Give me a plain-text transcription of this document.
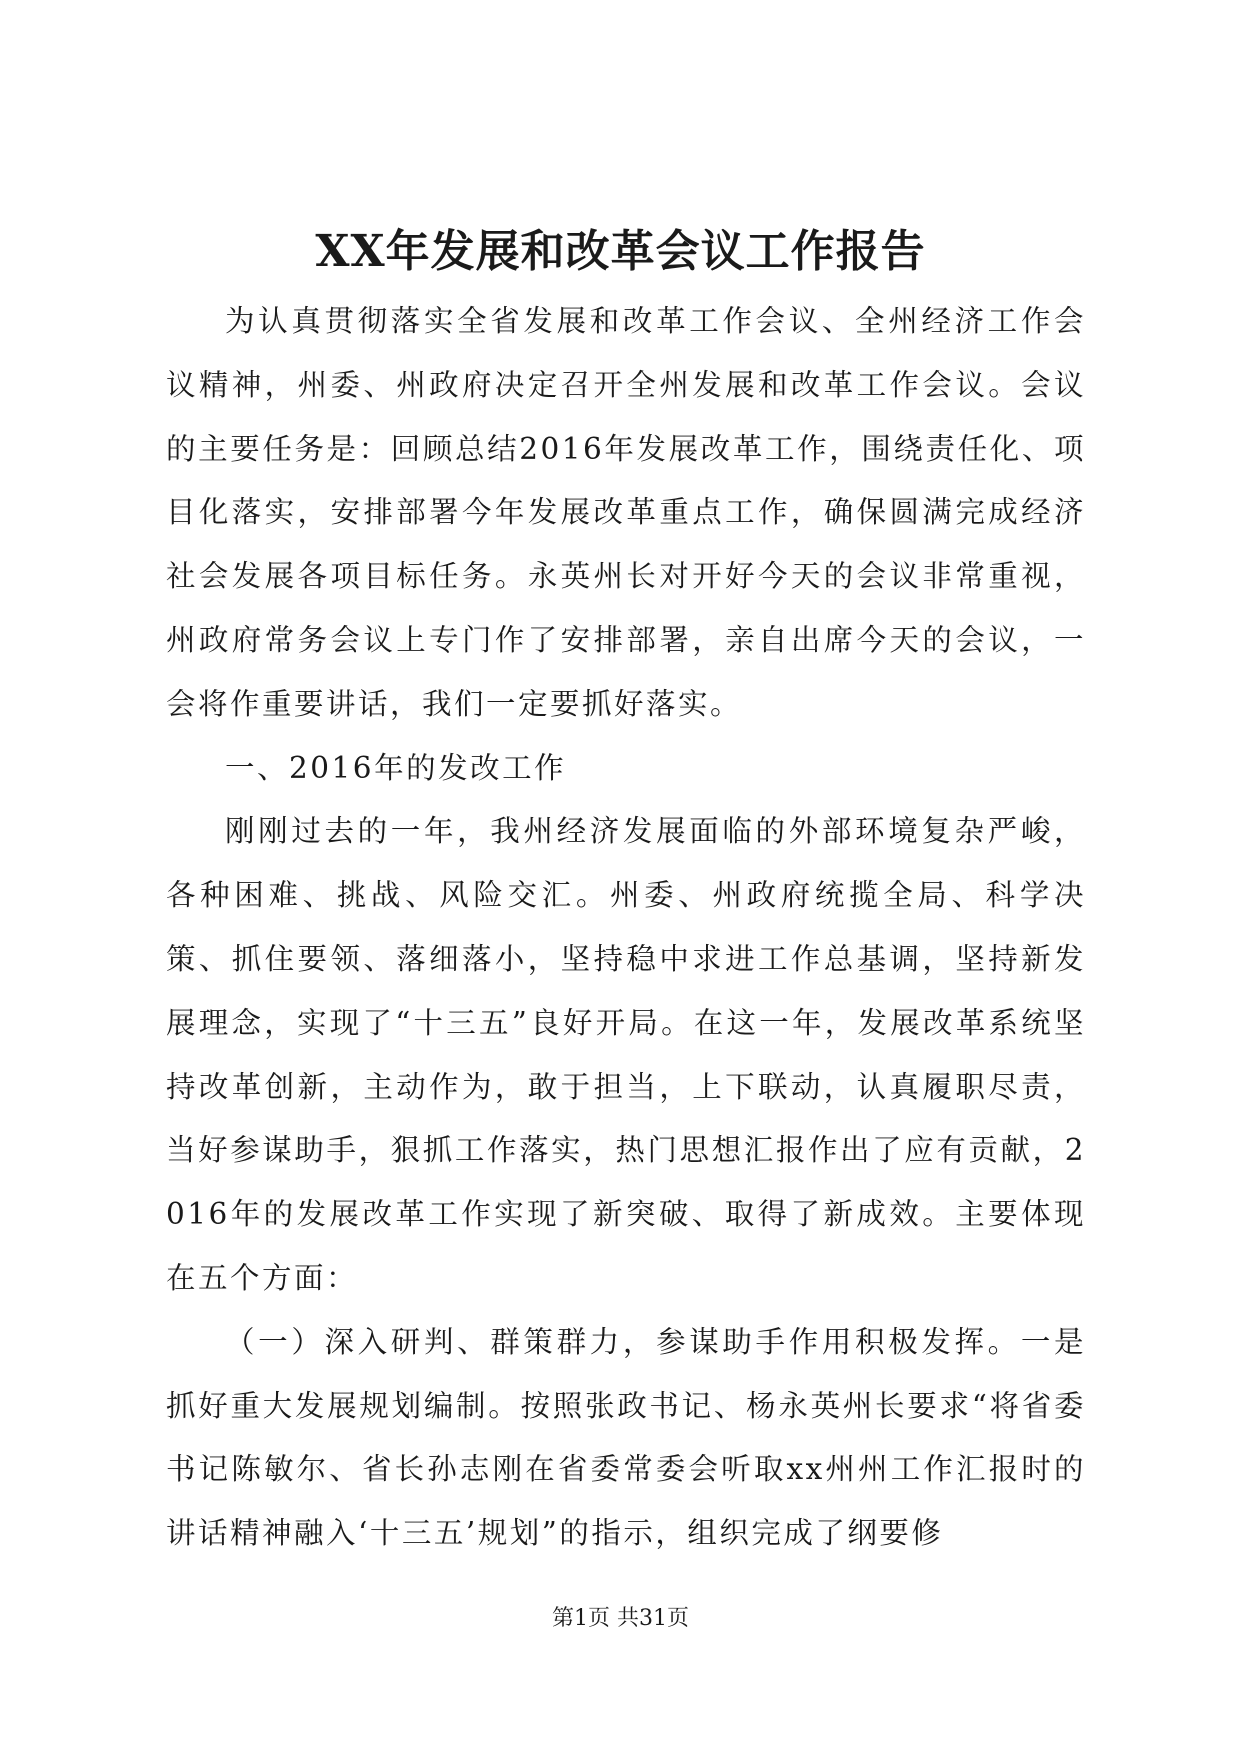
XX年发展和改革会议工作报告

为认真贯彻落实全省发展和改革工作会议、全州经济工作会议精神，州委、州政府决定召开全州发展和改革工作会议。会议的主要任务是：回顾总结2016年发展改革工作，围绕责任化、项目化落实，安排部署今年发展改革重点工作，确保圆满完成经济社会发展各项目标任务。永英州长对开好今天的会议非常重视，州政府常务会议上专门作了安排部署，亲自出席今天的会议，一会将作重要讲话，我们一定要抓好落实。

一、2016年的发改工作

刚刚过去的一年，我州经济发展面临的外部环境复杂严峻，各种困难、挑战、风险交汇。州委、州政府统揽全局、科学决策、抓住要领、落细落小，坚持稳中求进工作总基调，坚持新发展理念，实现了“十三五”良好开局。在这一年，发展改革系统坚持改革创新，主动作为，敢于担当，上下联动，认真履职尽责，当好参谋助手，狠抓工作落实，热门思想汇报作出了应有贡献，2016年的发展改革工作实现了新突破、取得了新成效。主要体现在五个方面：

（一）深入研判、群策群力，参谋助手作用积极发挥。一是抓好重大发展规划编制。按照张政书记、杨永英州长要求“将省委书记陈敏尔、省长孙志刚在省委常委会听取xx州州工作汇报时的讲话精神融入‘十三五’规划”的指示，组织完成了纲要修

第1页 共31页
